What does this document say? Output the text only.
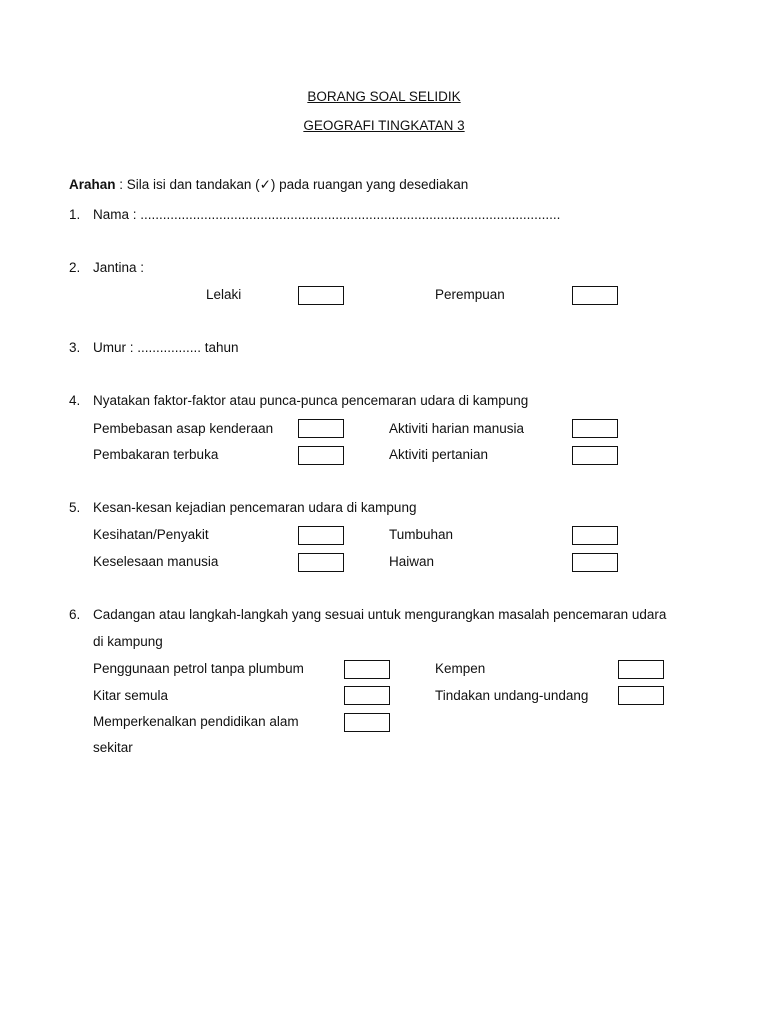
BORANG SOAL SELIDIK
GEOGRAFI TINGKATAN 3
Arahan : Sila isi dan tandakan (✓) pada ruangan yang desediakan
1. Nama : ................................................................................................................
2. Jantina :
Lelaki	Perempuan
3. Umur : ................. tahun
4. Nyatakan faktor-faktor atau punca-punca pencemaran udara di kampung
Pembebasan asap kenderaan	Aktiviti harian manusia
Pembakaran terbuka	Aktiviti pertanian
5. Kesan-kesan kejadian pencemaran udara di kampung
Kesihatan/Penyakit	Tumbuhan
Keselesaan manusia	Haiwan
6. Cadangan atau langkah-langkah yang sesuai untuk mengurangkan masalah pencemaran udara
di kampung
Penggunaan petrol tanpa plumbum	Kempen
Kitar semula	Tindakan undang-undang
Memperkenalkan pendidikan alam
sekitar
